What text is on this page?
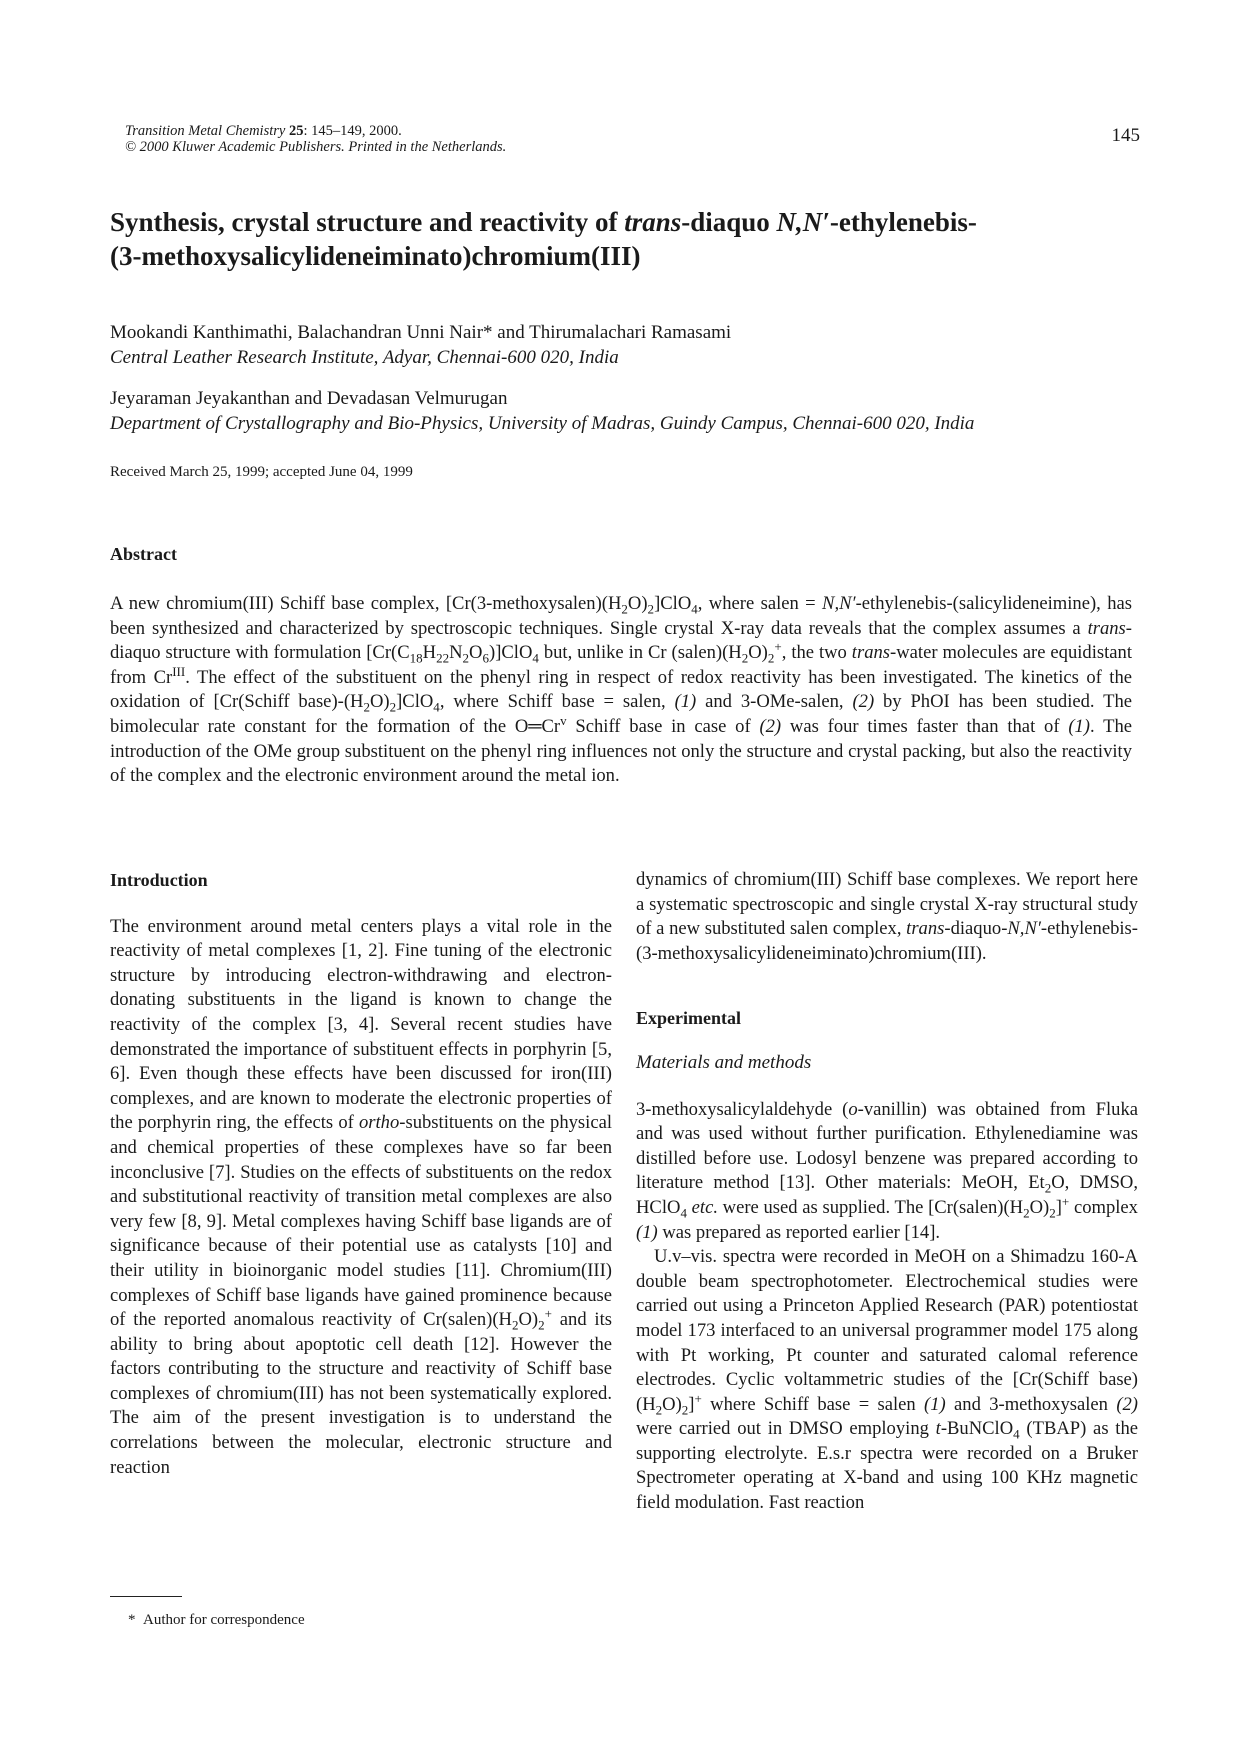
Transition Metal Chemistry 25: 145–149, 2000.
© 2000 Kluwer Academic Publishers. Printed in the Netherlands.
145
Synthesis, crystal structure and reactivity of trans-diaquo N,N′-ethylenebis-
(3-methoxysalicylideneiminato)chromium(III)
Mookandi Kanthimathi, Balachandran Unni Nair* and Thirumalachari Ramasami
Central Leather Research Institute, Adyar, Chennai-600 020, India
Jeyaraman Jeyakanthan and Devadasan Velmurugan
Department of Crystallography and Bio-Physics, University of Madras, Guindy Campus, Chennai-600 020, India
Received March 25, 1999; accepted June 04, 1999
Abstract

A new chromium(III) Schiff base complex, $[Cr(3-methoxysalen)(H_2O)_2]ClO_4$, where salen = N,N′-ethylenebis-(salicylideneimine), has been synthesized and characterized by spectroscopic techniques. Single crystal X-ray data reveals that the complex assumes a trans-diaquo structure with formulation $[Cr(C_{18}H_{22}N_2O_6)]ClO_4$ but, unlike in Cr $(salen)(H_2O)_2^+$, the two trans-water molecules are equidistant from $Cr^{III}$. The effect of the substituent on the phenyl ring in respect of redox reactivity has been investigated. The kinetics of the oxidation of [Cr(Schiff $base)-(H_2O)_2]ClO_4$, where Schiff base = salen, (1) and 3-OMe-salen, (2) by PhOI has been studied. The bimolecular rate constant for the formation of the O═Cr$^v$ Schiff base in case of (2) was four times faster than that of (1). The introduction of the OMe group substituent on the phenyl ring influences not only the structure and crystal packing, but also the reactivity of the complex and the electronic environment around the metal ion.

Introduction

The environment around metal centers plays a vital role in the reactivity of metal complexes [1, 2]. Fine tuning of the electronic structure by introducing electron-withdrawing and electron-donating substituents in the ligand is known to change the reactivity of the complex [3, 4]. Several recent studies have demonstrated the importance of substituent effects in porphyrin [5, 6]. Even though these effects have been discussed for iron(III) complexes, and are known to moderate the electronic properties of the porphyrin ring, the effects of ortho-substituents on the physical and chemical properties of these complexes have so far been inconclusive [7]. Studies on the effects of substituents on the redox and substitutional reactivity of transition metal complexes are also very few [8, 9]. Metal complexes having Schiff base ligands are of significance because of their potential use as catalysts [10] and their utility in bioinorganic model studies [11]. Chromium(III) complexes of Schiff base ligands have gained prominence because of the reported anomalous reactivity of $Cr(salen)(H_2O)_2^+$ and its ability to bring about apoptotic cell death [12]. However the factors contributing to the structure and reactivity of Schiff base complexes of chromium(III) has not been systematically explored. The aim of the present investigation is to understand the correlations between the molecular, electronic structure and reaction

dynamics of chromium(III) Schiff base complexes. We report here a systematic spectroscopic and single crystal X-ray structural study of a new substituted salen complex, trans-diaquo-N,N′-ethylenebis-(3-methoxysalicylideneiminato)chromium(III).

Experimental
Materials and methods

3-methoxysalicylaldehyde (o-vanillin) was obtained from Fluka and was used without further purification. Ethylenediamine was distilled before use. Lodosyl benzene was prepared according to literature method [13]. Other materials: MeOH, $Et_2O$, DMSO, HClO$_4$ etc. were used as supplied. The $[Cr(salen)(H_2O)_2]^+$ complex (1) was prepared as reported earlier [14].

U.v–vis. spectra were recorded in MeOH on a Shimadzu 160-A double beam spectrophotometer. Electrochemical studies were carried out using a Princeton Applied Research (PAR) potentiostat model 173 interfaced to an universal programmer model 175 along with Pt working, Pt counter and saturated calomal reference electrodes. Cyclic voltammetric studies of the [Cr(Schiff $base)(H_2O)_2]^+$ where Schiff base = salen (1) and 3-methoxysalen (2) were carried out in DMSO employing t-BuNClO$_4$ (TBAP) as the supporting electrolyte. E.s.r spectra were recorded on a Bruker Spectrometer operating at X-band and using 100 KHz magnetic field modulation. Fast reaction

* Author for correspondence
